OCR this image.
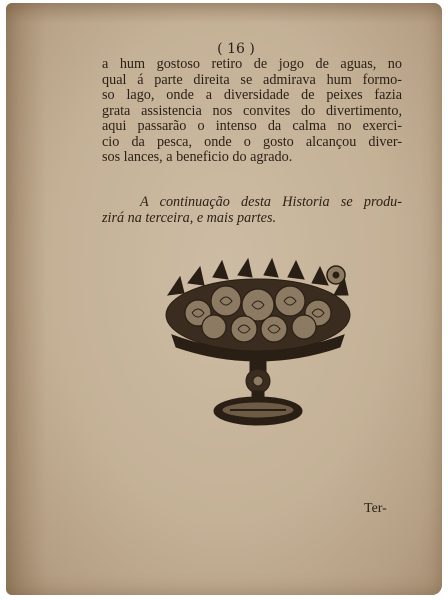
( 16 )
a hum gostoso retiro de jogo de aguas, no
qual á parte direita se admirava hum formo-
so lago, onde a diversidade de peixes fazia
grata assistencia nos convites do divertimento,
aqui passarão o intenso da calma no exerci-
cio da pesca, onde o gosto alcançou diver-
sos lances, a beneficio do agrado.
A continuação desta Historia se produ-
zirá na terceira, e mais partes.
Ter-
